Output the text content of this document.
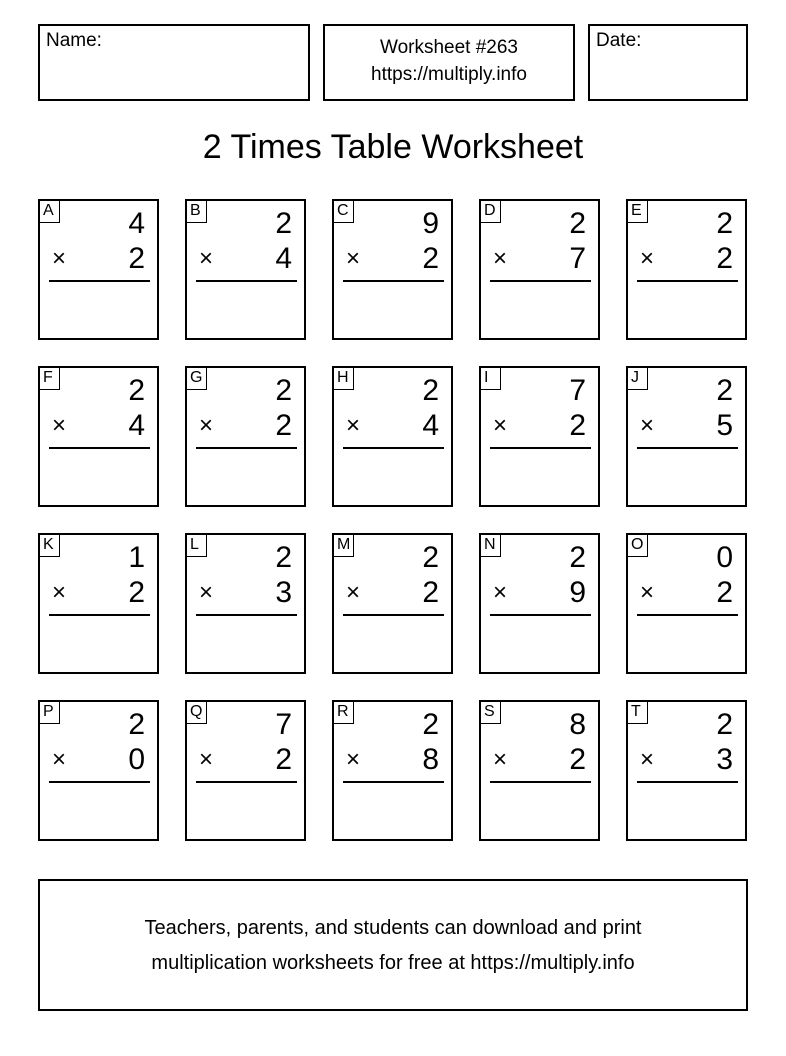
Name:	Worksheet #263
https://multiply.info
Date:
2 Times Table Worksheet
A 4
× 2
B 2
× 4
C 9
× 2
D 2
× 7
E 2
× 2
F	2
× 4
G 2
× 2
H 2
× 4
I	7
× 2
J	2
× 5
K 1
× 2
L	2
× 3
M 2
× 2
N 2
× 9
O 0
× 2
P 2
× 0
Q 7
× 2
R 2
× 8
S 8
× 2
T	2
× 3
Teachers, parents, and students can download and print
multiplication worksheets for free at https://multiply.info
